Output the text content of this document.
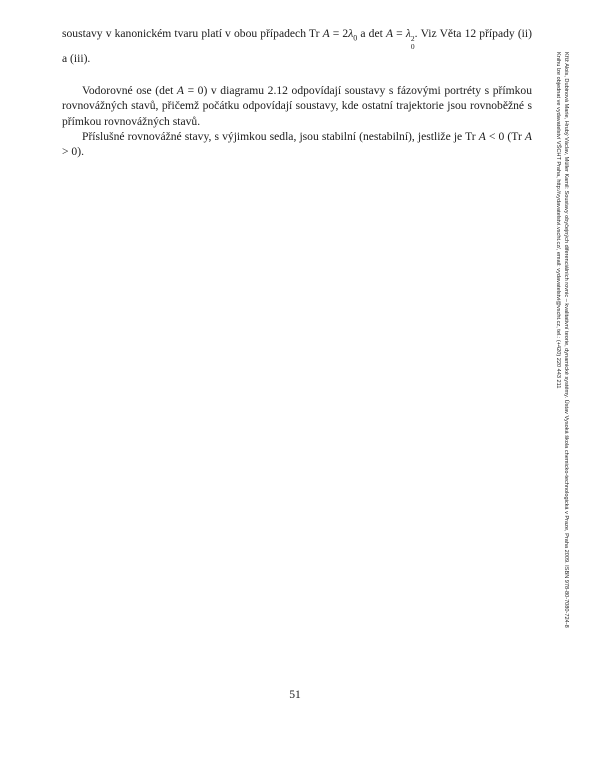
soustavy v kanonickém tvaru platí v obou případech Tr $A = 2\lambda_0$ a det A = λ 2
0
. Viz Věta 12 případy (ii) a (iii).

Vodorovné ose (det A = 0) v diagramu 2.12 odpovídají soustavy s fázovými portréty s přímkou rovnovážných stavů, přičemž počátku odpovídají soustavy, kde ostatní trajektorie jsou rovnoběžné s přímkou rovnovážných stavů.

Příslušné rovnovážné stavy, s výjimkou sedla, jsou stabilní (nestabilní), jestliže je Tr A < 0 (Tr A > 0).

51
Kříž Alois, Dubinová Marie, Hrubý Václav, Müller Kamil: Soustavy obyčejných diferenciálních rovnic – kvalitativní teorie, dynamické systémy. Ústav Vysoká škola chemicko-technologická v Praze, Praha 2009. ISBN 978-80-7080-724-8
Knihu lze objednat ve vydavatelství VŠCHT Praha, http://vydavatelstvi.vscht.cz/, email: vydavatelstvi@vscht.cz, tel.: (+420) 220 443 211
